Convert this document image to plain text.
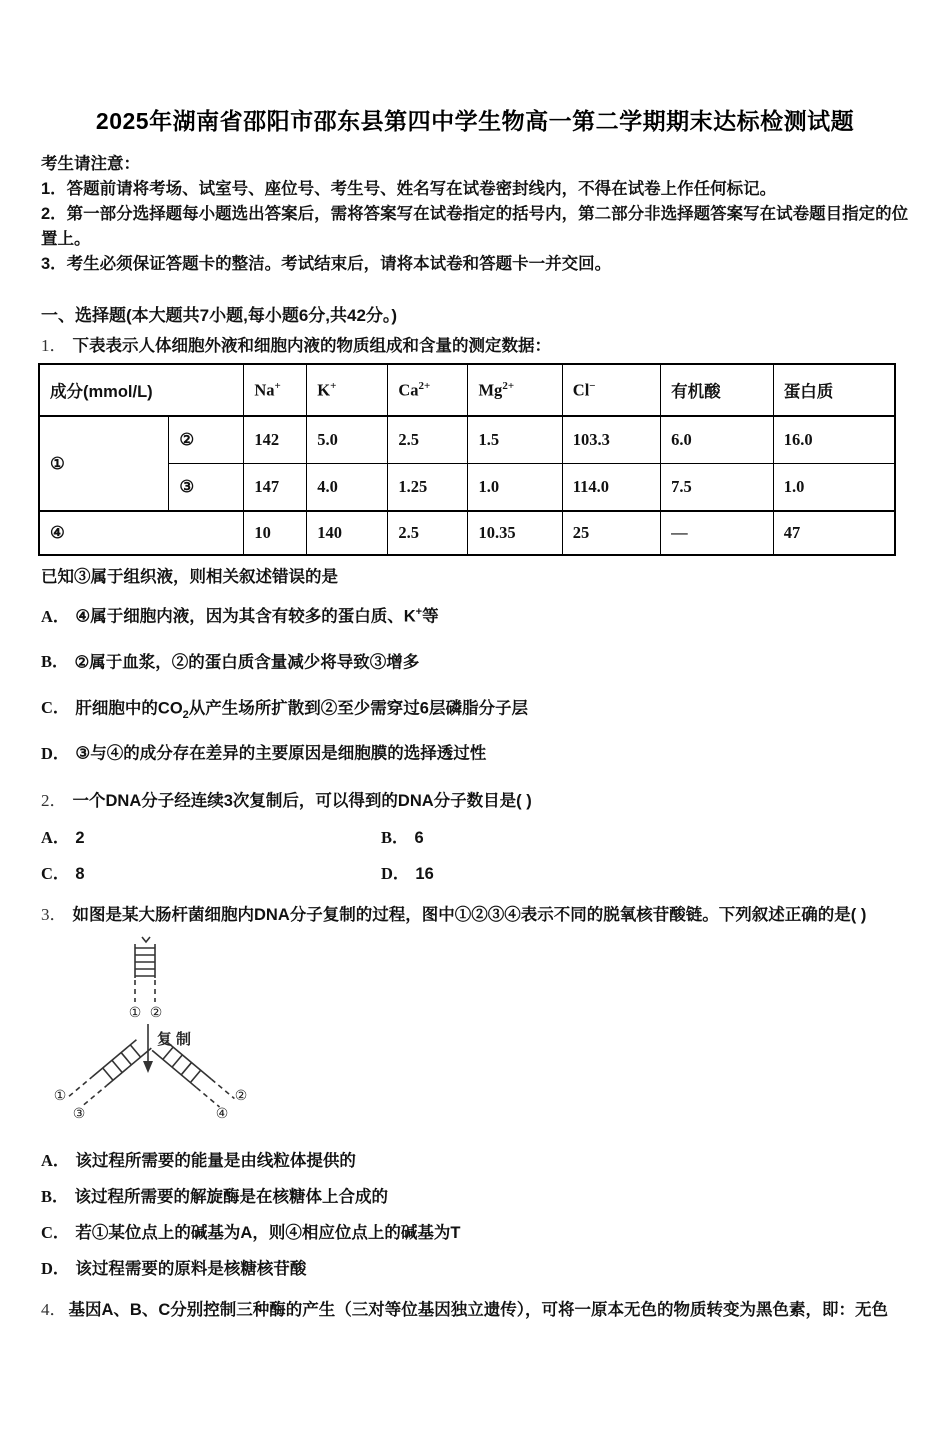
2025年湖南省邵阳市邵东县第四中学生物高一第二学期期末达标检测试题

考生请注意：

1．答题前请将考场、试室号、座位号、考生号、姓名写在试卷密封线内，不得在试卷上作任何标记。

2．第一部分选择题每小题选出答案后，需将答案写在试卷指定的括号内，第二部分非选择题答案写在试卷题目指定的位置上。

3．考生必须保证答题卡的整洁。考试结束后，请将本试卷和答题卡一并交回。

一、选择题(本大题共7小题,每小题6分,共42分。)

1． 下表表示人体细胞外液和细胞内液的物质组成和含量的测定数据：

成分(mmol/L)		Na+	K+	$Ca^{2+}$	$Mg^{2+}$	Cl−	有机酸	蛋白质
①	②	142	5.0	2.5	1.5	103.3	6.0	16.0
	③	147	4.0	1.25	1.0	114.0	7.5	1.0
④		10	140	2.5	10.35	25	—	47

已知③属于组织液，则相关叙述错误的是

A． ④属于细胞内液，因为其含有较多的蛋白质、K+等

B． ②属于血浆，②的蛋白质含量减少将导致③增多

C． 肝细胞中的$CO_2$从产生场所扩散到②至少需穿过6层磷脂分子层

D． ③与④的成分存在差异的主要原因是细胞膜的选择透过性

2． 一个DNA分子经连续3次复制后，可以得到的DNA分子数目是( )

A． 2	B． 6

C． 8	D． 16

3． 如图是某大肠杆菌细胞内DNA分子复制的过程，图中①②③④表示不同的脱氧核苷酸链。下列叙述正确的是( )

① ②
复制
①
③
②
④

A． 该过程所需要的能量是由线粒体提供的

B． 该过程所需要的解旋酶是在核糖体上合成的

C． 若①某位点上的碱基为A，则④相应位点上的碱基为T

D． 该过程需要的原料是核糖核苷酸

4． 基因A、B、C分别控制三种酶的产生（三对等位基因独立遗传），可将一原本无色的物质转变为黑色素，即：无色
